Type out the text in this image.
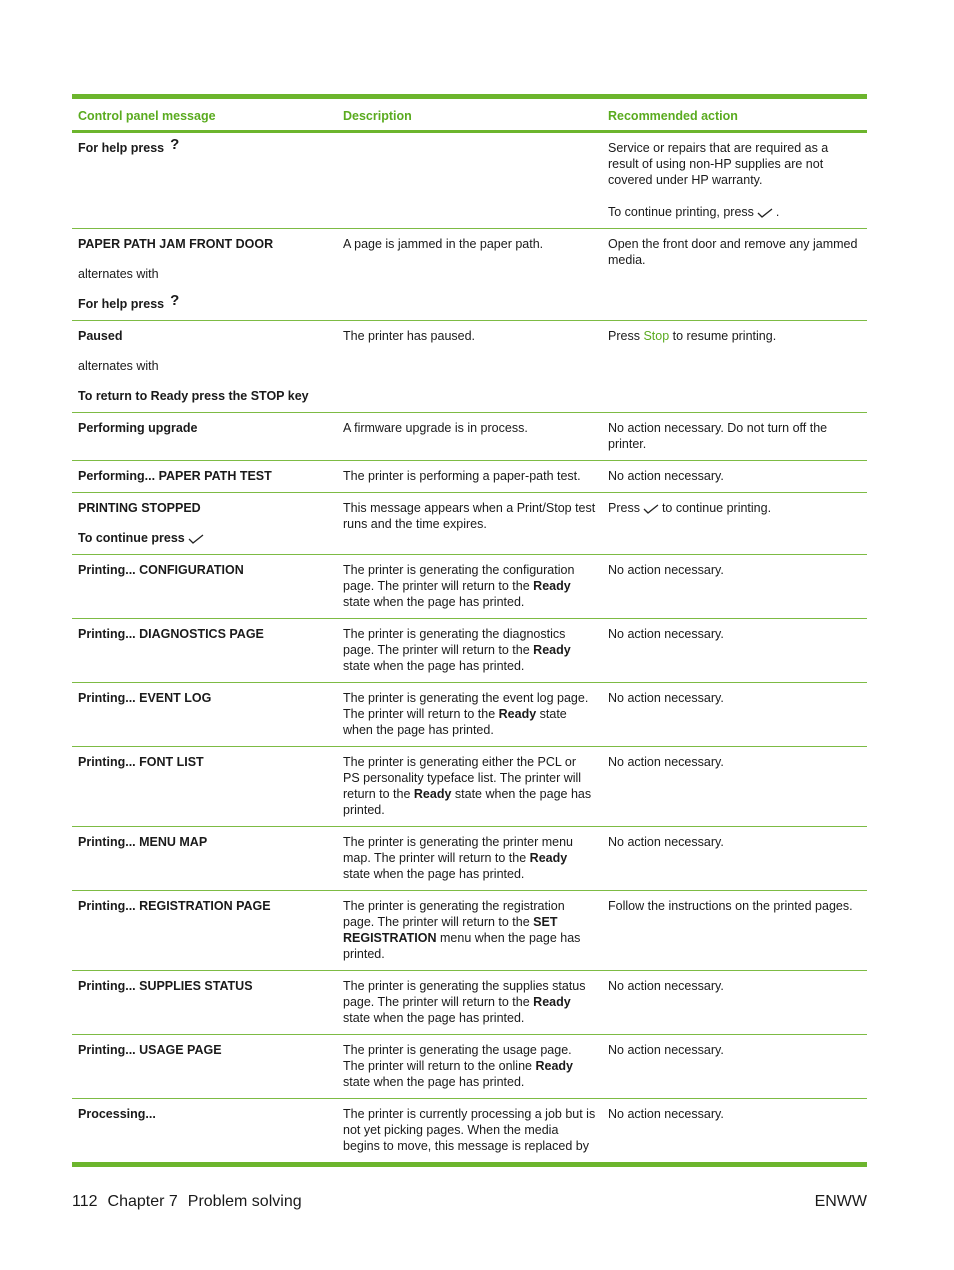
Control panel message	Description	Recommended action

For help press ?		Service or repairs that are required as a result of using non-HP supplies are not covered under HP warranty.
To continue printing, press .

PAPER PATH JAM FRONT DOOR
alternates with
For help press ?	A page is jammed in the paper path.	Open the front door and remove any jammed media.

Paused
alternates with
To return to Ready press the STOP key	The printer has paused.	Press Stop to resume printing.

Performing upgrade	A firmware upgrade is in process.	No action necessary. Do not turn off the printer.

Performing... PAPER PATH TEST	The printer is performing a paper-path test.	No action necessary.

PRINTING STOPPED
To continue press	This message appears when a Print/Stop test runs and the time expires.	Press to continue printing.

Printing... CONFIGURATION	The printer is generating the configuration page. The printer will return to the Ready state when the page has printed.	No action necessary.

Printing... DIAGNOSTICS PAGE	The printer is generating the diagnostics page. The printer will return to the Ready state when the page has printed.	No action necessary.

Printing... EVENT LOG	The printer is generating the event log page. The printer will return to the Ready state when the page has printed.	No action necessary.

Printing... FONT LIST	The printer is generating either the PCL or PS personality typeface list. The printer will return to the Ready state when the page has printed.	No action necessary.

Printing... MENU MAP	The printer is generating the printer menu map. The printer will return to the Ready state when the page has printed.	No action necessary.

Printing... REGISTRATION PAGE	The printer is generating the registration page. The printer will return to the SET REGISTRATION menu when the page has printed.	Follow the instructions on the printed pages.

Printing... SUPPLIES STATUS	The printer is generating the supplies status page. The printer will return to the Ready state when the page has printed.	No action necessary.

Printing... USAGE PAGE	The printer is generating the usage page. The printer will return to the online Ready state when the page has printed.	No action necessary.

Processing...	The printer is currently processing a job but is not yet picking pages. When the media begins to move, this message is replaced by	No action necessary.
112 Chapter 7 Problem solving	ENWW
